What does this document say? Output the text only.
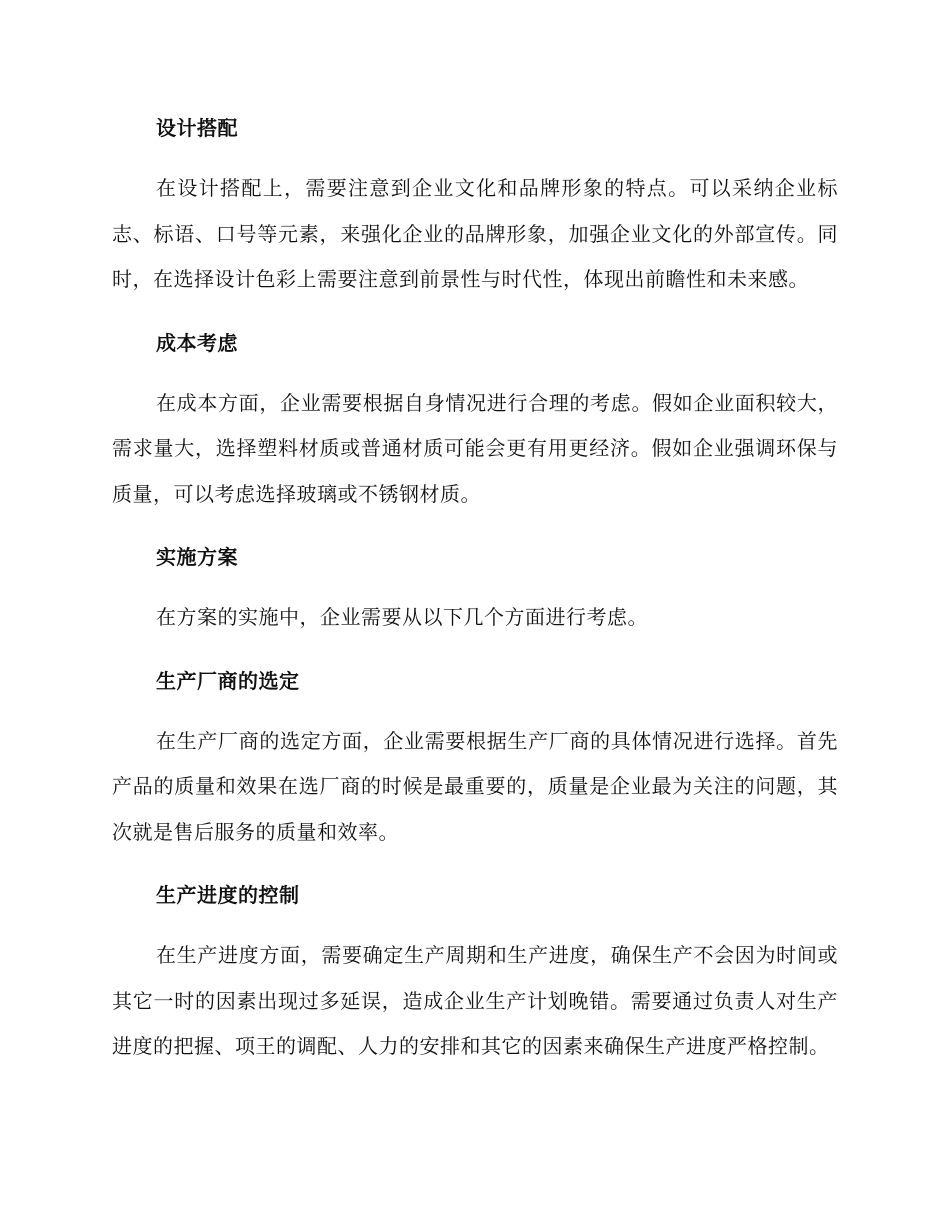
设计搭配

在设计搭配上，需要注意到企业文化和品牌形象的特点。可以采纳企业标志、标语、口号等元素，来强化企业的品牌形象，加强企业文化的外部宣传。同时，在选择设计色彩上需要注意到前景性与时代性，体现出前瞻性和未来感。

成本考虑

在成本方面，企业需要根据自身情况进行合理的考虑。假如企业面积较大，需求量大，选择塑料材质或普通材质可能会更有用更经济。假如企业强调环保与质量，可以考虑选择玻璃或不锈钢材质。

实施方案

在方案的实施中，企业需要从以下几个方面进行考虑。

生产厂商的选定

在生产厂商的选定方面，企业需要根据生产厂商的具体情况进行选择。首先产品的质量和效果在选厂商的时候是最重要的，质量是企业最为关注的问题，其次就是售后服务的质量和效率。

生产进度的控制

在生产进度方面，需要确定生产周期和生产进度，确保生产不会因为时间或其它一时的因素出现过多延误，造成企业生产计划晚错。需要通过负责人对生产进度的把握、项王的调配、人力的安排和其它的因素来确保生产进度严格控制。
